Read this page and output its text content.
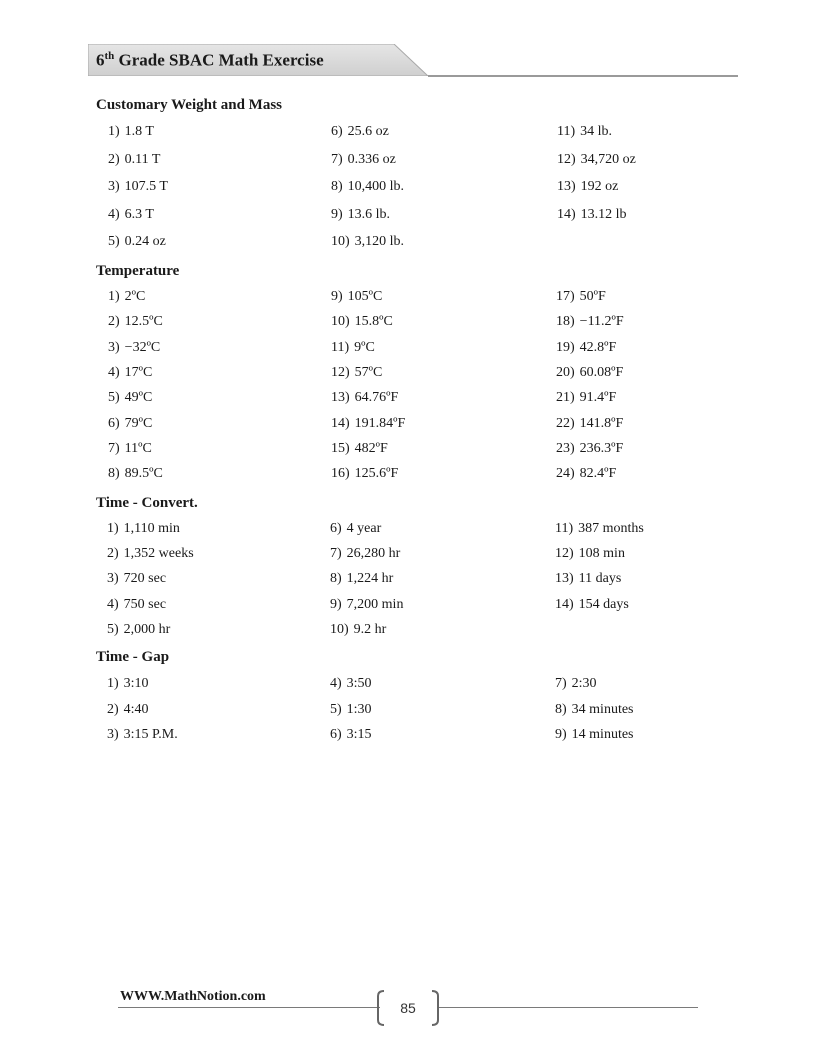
6th Grade SBAC Math Exercise
Customary Weight and Mass
1) 1.8 T
2) 0.11 T
3) 107.5 T
4) 6.3 T
5) 0.24 oz
6) 25.6 oz
7) 0.336 oz
8) 10,400 lb.
9) 13.6 lb.
10) 3,120 lb.
11) 34 lb.
12) 34,720 oz
13) 192 oz
14) 13.12 lb
Temperature
1) 2ºC
2) 12.5ºC
3) −32ºC
4) 17ºC
5) 49ºC
6) 79ºC
7) 11ºC
8) 89.5ºC
9) 105ºC
10) 15.8ºC
11) 9ºC
12) 57ºC
13) 64.76ºF
14) 191.84ºF
15) 482ºF
16) 125.6ºF
17) 50ºF
18) −11.2ºF
19) 42.8ºF
20) 60.08ºF
21) 91.4ºF
22) 141.8ºF
23) 236.3ºF
24) 82.4ºF
Time - Convert.
1) 1,110 min
2) 1,352 weeks
3) 720 sec
4) 750 sec
5) 2,000 hr
6) 4 year
7) 26,280 hr
8) 1,224 hr
9) 7,200 min
10) 9.2 hr
11) 387 months
12) 108 min
13) 11 days
14) 154 days
Time - Gap
1) 3:10
2) 4:40
3) 3:15 P.M.
4) 3:50
5) 1:30
6) 3:15
7) 2:30
8) 34 minutes
9) 14 minutes
WWW.MathNotion.com
85
